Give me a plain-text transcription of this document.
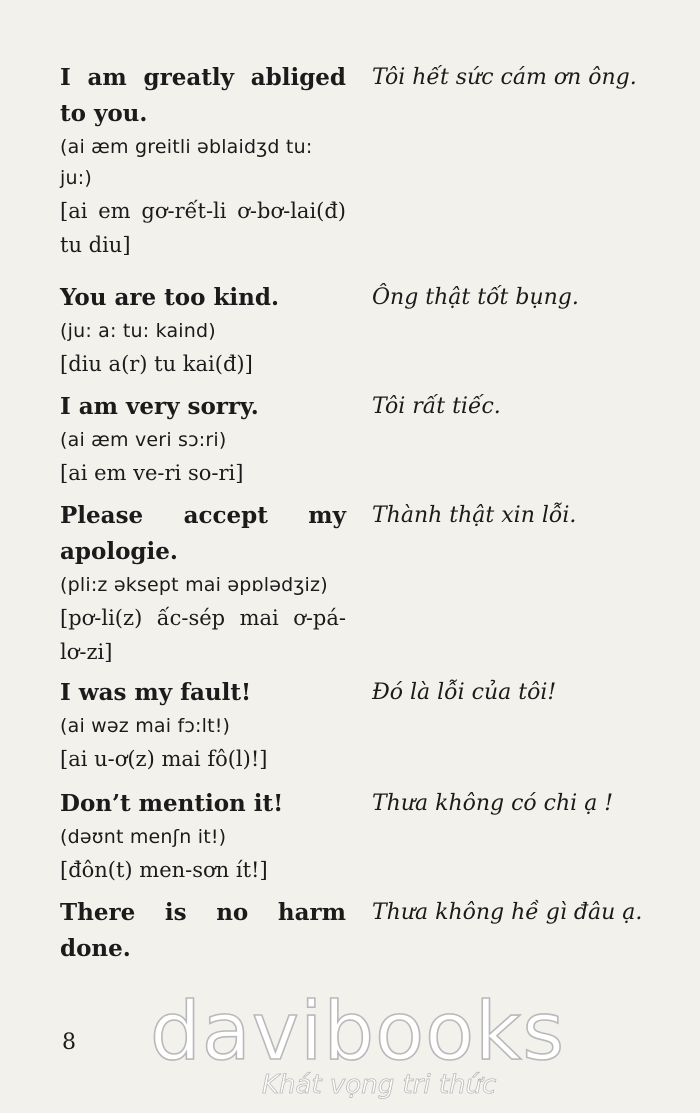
I am greatly abliged to you.

(ai æm greitli əblaidʒd tu: ju:)

[ai em gơ-rết-li ơ-bơ-lai(đ) tu diu]

Tôi hết sức cám ơn ông.

You are too kind.

(ju: a: tu: kaind)

[diu a(r) tu kai(đ)]

Ông thật tốt bụng.

I am very sorry.

(ai æm veri sɔ:ri)

[ai em ve-ri so-ri]

Tôi rất tiếc.

Please accept my apologie.

(pli:z əksept mai əpɒlədʒiz)

[pơ-li(z) ấc-sép mai ơ-pá-lơ-zi]

Thành thật xin lỗi.

I was my fault!

(ai wəz mai fɔ:lt!)

[ai u-ơ(z) mai fô(l)!]

Đó là lỗi của tôi!

Don’t mention it!

(dəʊnt menʃn it!)

[đôn(t) men-sơn ít!]

Thưa không có chi ạ !

There is no harm done.

Thưa không hề gì đâu ạ.

8 davibooks
Khát vọng tri thức
